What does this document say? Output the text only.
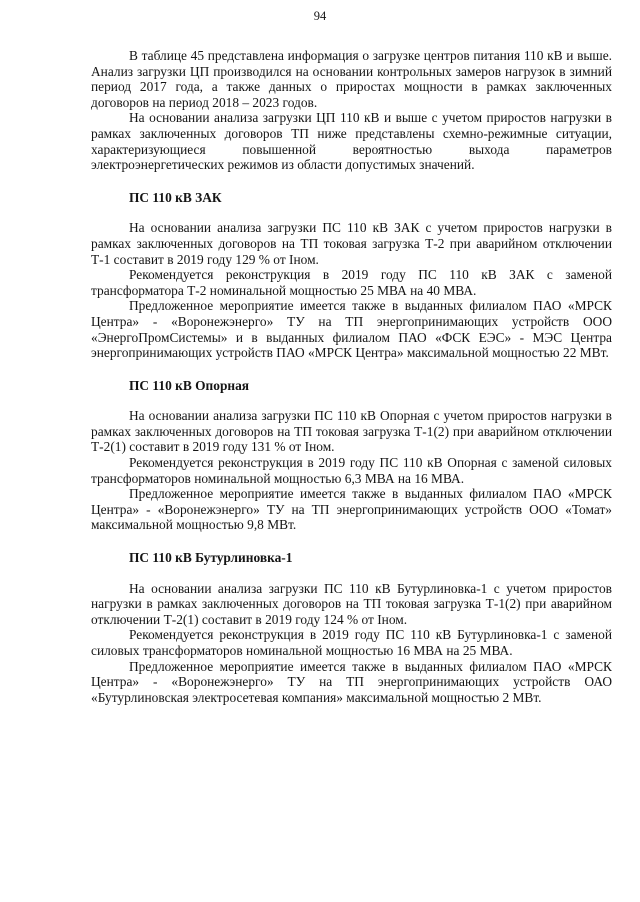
94

В таблице 45 представлена информация о загрузке центров питания 110 кВ и выше. Анализ загрузки ЦП производился на основании контрольных замеров нагрузок в зимний период 2017 года, а также данных о приростах мощности в рамках заключенных договоров на период 2018 – 2023 годов.

На основании анализа загрузки ЦП 110 кВ и выше с учетом приростов нагрузки в рамках заключенных договоров ТП ниже представлены схемно-режимные ситуации, характеризующиеся повышенной вероятностью выхода параметров электроэнергетических режимов из области допустимых значений.

ПС 110 кВ ЗАК

На основании анализа загрузки ПС 110 кВ ЗАК с учетом приростов нагрузки в рамках заключенных договоров на ТП токовая загрузка Т-2 при аварийном отключении Т-1 составит в 2019 году 129 % от Iном.

Рекомендуется реконструкция в 2019 году ПС 110 кВ ЗАК с заменой трансформатора Т-2 номинальной мощностью 25 МВА на 40 МВА.

Предложенное мероприятие имеется также в выданных филиалом ПАО «МРСК Центра» - «Воронежэнерго» ТУ на ТП энергопринимающих устройств ООО «ЭнергоПромСистемы» и в выданных филиалом ПАО «ФСК ЕЭС» - МЭС Центра энергопринимающих устройств ПАО «МРСК Центра» максимальной мощностью 22 МВт.

ПС 110 кВ Опорная

На основании анализа загрузки ПС 110 кВ Опорная с учетом приростов нагрузки в рамках заключенных договоров на ТП токовая загрузка Т-1(2) при аварийном отключении Т-2(1) составит в 2019 году 131 % от Iном.

Рекомендуется реконструкция в 2019 году ПС 110 кВ Опорная с заменой силовых трансформаторов номинальной мощностью 6,3 МВА на 16 МВА.

Предложенное мероприятие имеется также в выданных филиалом ПАО «МРСК Центра» - «Воронежэнерго» ТУ на ТП энергопринимающих устройств ООО «Томат» максимальной мощностью 9,8 МВт.

ПС 110 кВ Бутурлиновка-1

На основании анализа загрузки ПС 110 кВ Бутурлиновка-1 с учетом приростов нагрузки в рамках заключенных договоров на ТП токовая загрузка Т-1(2) при аварийном отключении Т-2(1) составит в 2019 году 124 % от Iном.

Рекомендуется реконструкция в 2019 году ПС 110 кВ Бутурлиновка-1 с заменой силовых трансформаторов номинальной мощностью 16 МВА на 25 МВА.

Предложенное мероприятие имеется также в выданных филиалом ПАО «МРСК Центра» - «Воронежэнерго» ТУ на ТП энергопринимающих устройств ОАО «Бутурлиновская электросетевая компания» максимальной мощностью 2 МВт.
